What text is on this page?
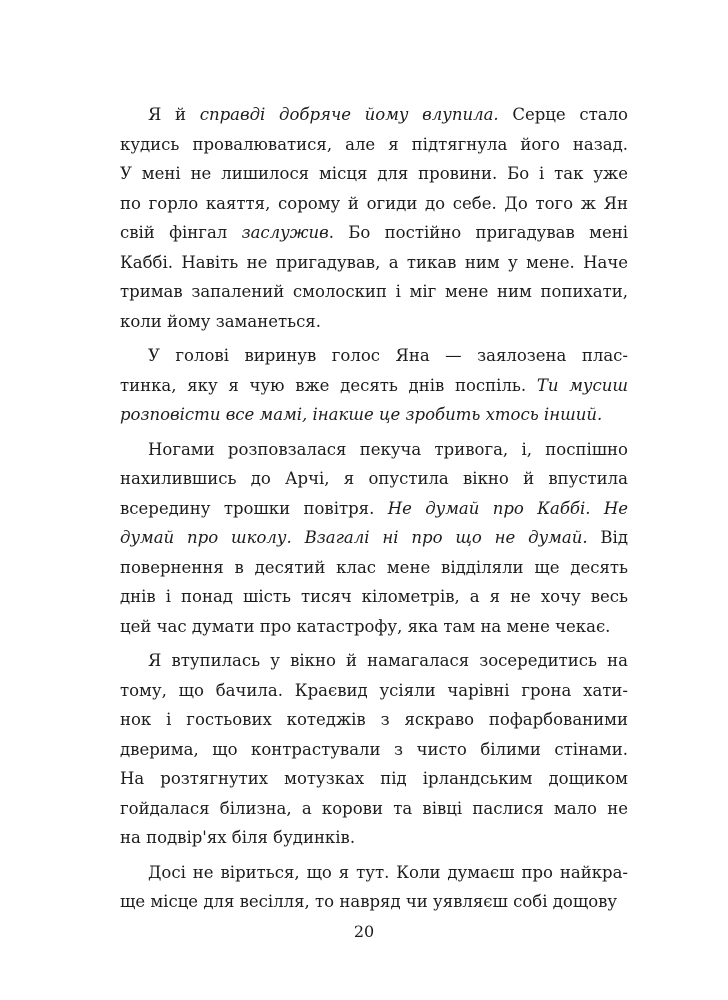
Я й справді добряче йому влупила. Серце стало
кудись провалюватися, але я підтягнула його назад.
У мені не лишилося місця для провини. Бо і так уже
по горло каяття, сорому й огиди до себе. До того ж Ян
свій фінгал заслужив. Бо постійно пригадував мені
Каббі. Навіть не пригадував, а тикав ним у мене. Наче
тримав запалений смолоскип і міг мене ним попихати,
коли йому заманеться.
У голові виринув голос Яна — заялозена плас-
тинка, яку я чую вже десять днів поспіль. Ти мусиш
розповісти все мамі, інакше це зробить хтось інший.
Ногами розповзалася пекуча тривога, і, поспішно
нахилившись до Арчі, я опустила вікно й впустила
всередину трошки повітря. Не думай про Каббі. Не
думай про школу. Взагалі ні про що не думай. Від
повернення в десятий клас мене відділяли ще десять
днів і понад шість тисяч кілометрів, а я не хочу весь
цей час думати про катастрофу, яка там на мене чекає.
Я втупилась у вікно й намагалася зосередитись на
тому, що бачила. Краєвид усіяли чарівні грона хати-
нок і гостьових котеджів з яскраво пофарбованими
дверима, що контрастували з чисто білими стінами.
На розтягнутих мотузках під ірландським дощиком
гойдалася білизна, а корови та вівці паслися мало не
на подвір'ях біля будинків.
Досі не віриться, що я тут. Коли думаєш про найкра-
ще місце для весілля, то навряд чи уявляєш собі дощову
20
